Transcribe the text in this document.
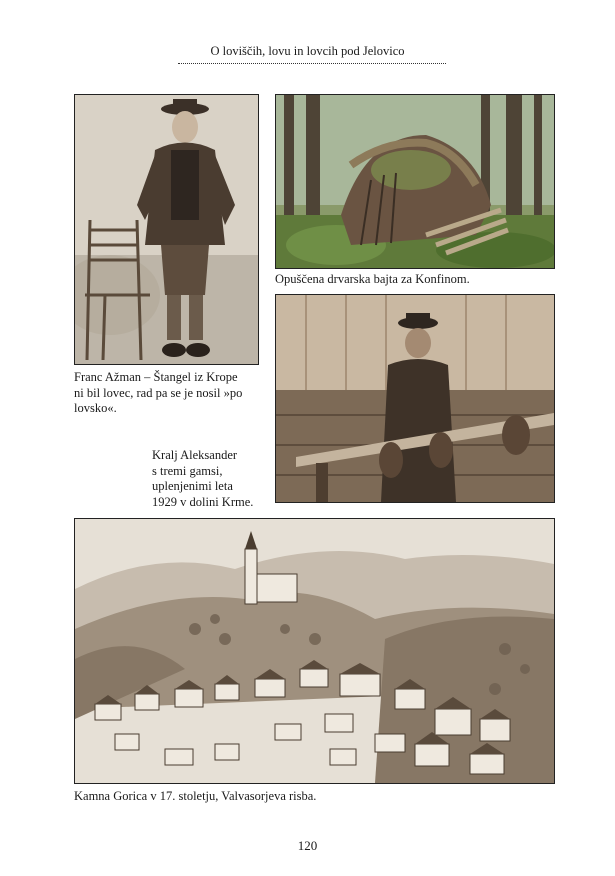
O loviščih, lovu in lovcih pod Jelovico
Opuščena drvarska bajta za Konfinom.
Franc Ažman – Štangel iz Krope
ni bil lovec, rad pa se je nosil »po
lovsko«.
Kralj Aleksander
s tremi gamsi,
uplenjenimi leta
1929 v dolini Krme.
Kamna Gorica v 17. stoletju, Valvasorjeva risba.
120
